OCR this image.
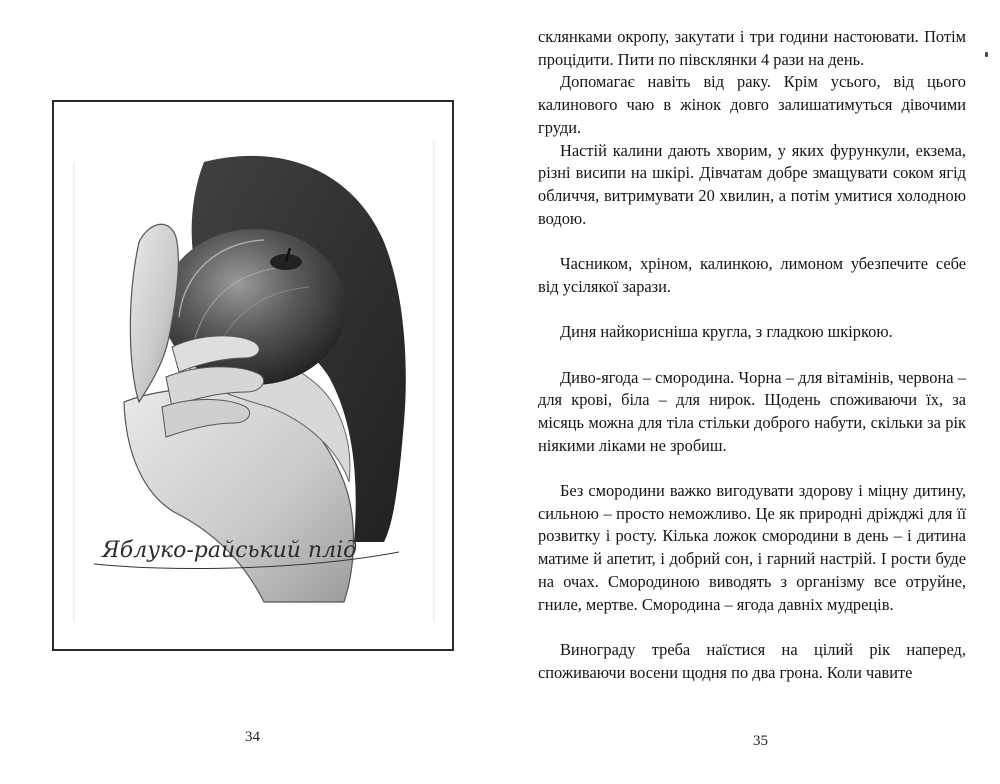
Яблуко-райський плід
34

склянками окропу, закутати і три години настоювати. Потім процідити. Пити по півсклянки 4 рази на день.

Допомагає навіть від раку. Крім усього, від цього калинового чаю в жінок довго залишатимуться дівочими груди.

Настій калини дають хворим, у яких фурункули, екзема, різні висипи на шкірі. Дівчатам добре змащувати соком ягід обличчя, витримувати 20 хвилин, а потім умитися холодною водою.

Часником, хріном, калинкою, лимоном убезпечите себе від усілякої зарази.

Диня найкорисніша кругла, з гладкою шкіркою.

Диво-ягода – смородина. Чорна – для вітамінів, червона – для крові, біла – для нирок. Щодень споживаючи їх, за місяць можна для тіла стільки доброго набути, скільки за рік ніякими ліками не зробиш.

Без смородини важко вигодувати здорову і міцну дитину, сильною – просто неможливо. Це як природні дріжджі для її розвитку і росту. Кілька ложок смородини в день – і дитина матиме й апетит, і добрий сон, і гарний настрій. І рости буде на очах. Смородиною виводять з організму все отруйне, гниле, мертве. Смородина – ягода давніх мудреців.

Винограду треба наїстися на цілий рік наперед, споживаючи восени щодня по два грона. Коли чавите

35
